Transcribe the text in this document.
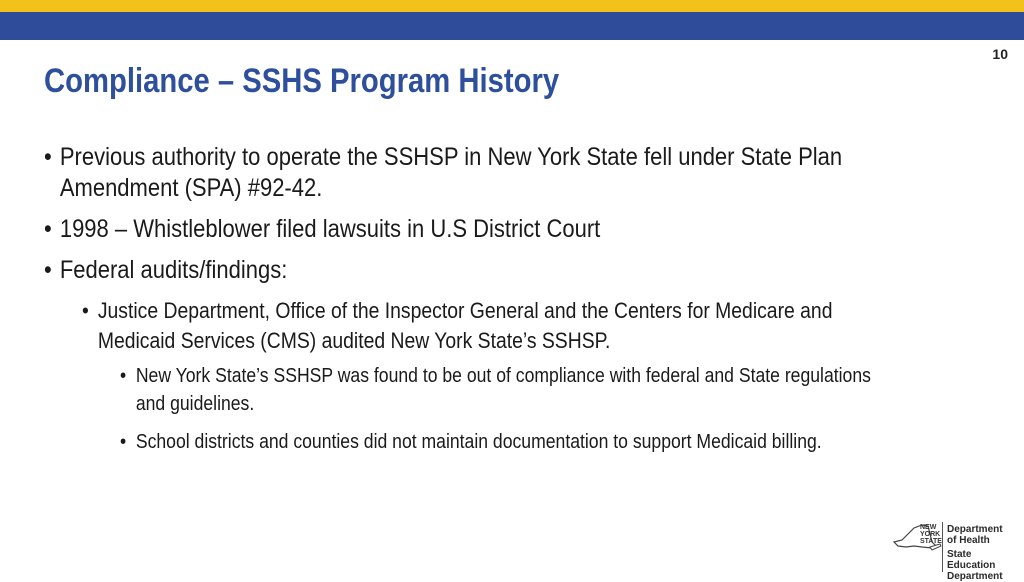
10
Compliance – SSHS Program History
• Previous authority to operate the SSHSP in New York State fell under State Plan Amendment (SPA) #92-42.
• 1998 – Whistleblower filed lawsuits in U.S District Court
• Federal audits/findings:
• Justice Department, Office of the Inspector General and the Centers for Medicare and Medicaid Services (CMS) audited New York State’s SSHSP.
• New York State’s SSHSP was found to be out of compliance with federal and State regulations and guidelines.
• School districts and counties did not maintain documentation to support Medicaid billing.
NEW
YORK
STATE
Department
of Health
State Education
Department
